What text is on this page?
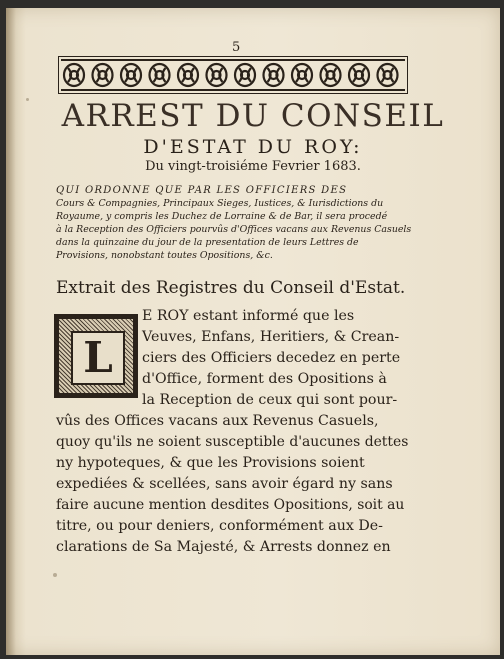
5
ARREST DU CONSEIL
D'ESTAT DU ROY:
Du vingt-troisiéme Fevrier 1683.
QUI ORDONNE QUE PAR LES OFFICIERS DES
Cours & Compagnies, Principaux Sieges, Iustices, & Iurisdictions du
Royaume, y compris les Duchez de Lorraine & de Bar, il sera procedé
à la Reception des Officiers pourvûs d'Offices vacans aux Revenus Casuels
dans la quinzaine du jour de la presentation de leurs Lettres de
Provisions, nonobstant toutes Opositions, &c.
Extrait des Registres du Conseil d'Estat.
L
E ROY estant informé que les
Veuves, Enfans, Heritiers, & Crean-
ciers des Officiers decedez en perte
d'Office, forment des Opositions à
la Reception de ceux qui sont pour-
vûs des Offices vacans aux Revenus Casuels,
quoy qu'ils ne soient susceptible d'aucunes dettes
ny hypoteques, & que les Provisions soient
expediées & scellées, sans avoir égard ny sans
faire aucune mention desdites Opositions, soit au
titre, ou pour deniers, conformément aux De-
clarations de Sa Majesté, & Arrests donnez en
